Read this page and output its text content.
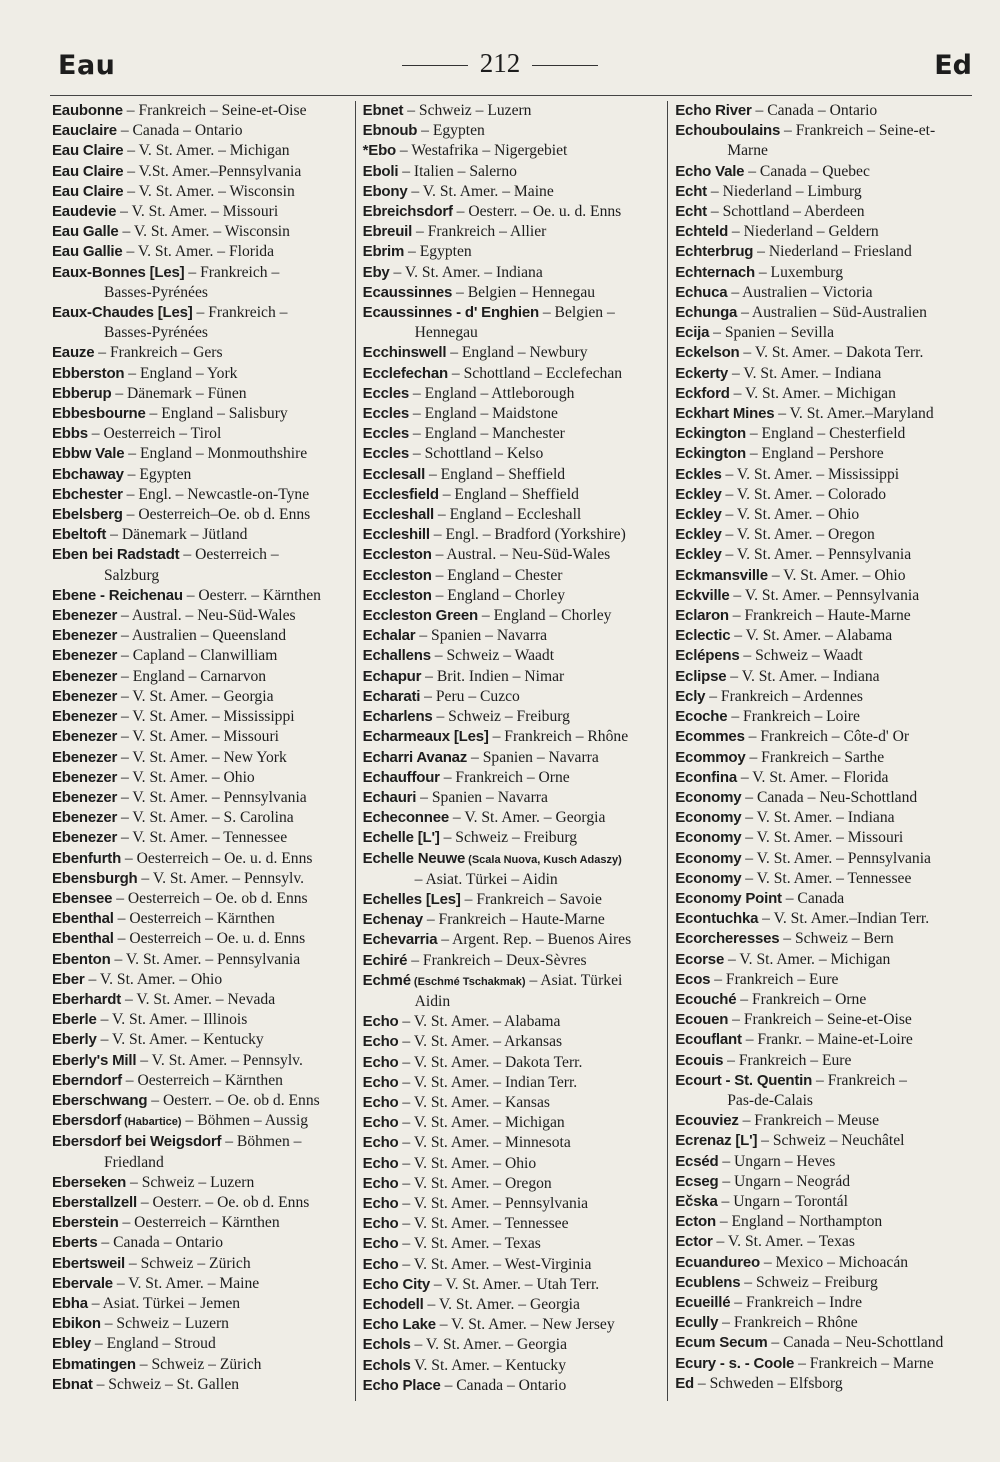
Eau	212	Ed
Eaubonne – Frankreich – Seine-et-Oise
Eauclaire – Canada – Ontario
Eau Claire – V. St. Amer. – Michigan
Eau Claire – V.St. Amer.–Pennsylvania
Eau Claire – V. St. Amer. – Wisconsin
Eaudevie – V. St. Amer. – Missouri
Eau Galle – V. St. Amer. – Wisconsin
Eau Gallie – V. St. Amer. – Florida
Eaux-Bonnes [Les] – Frankreich –
Basses-Pyrénées
Eaux-Chaudes [Les] – Frankreich –
Basses-Pyrénées
Eauze – Frankreich – Gers
Ebberston – England – York
Ebberup – Dänemark – Fünen
Ebbesbourne – England – Salisbury
Ebbs – Oesterreich – Tirol
Ebbw Vale – England – Monmouthshire
Ebchaway – Egypten
Ebchester – Engl. – Newcastle-on-Tyne
Ebelsberg – Oesterreich–Oe. ob d. Enns
Ebeltoft – Dänemark – Jütland
Eben bei Radstadt – Oesterreich –
Salzburg
Ebene - Reichenau – Oesterr. – Kärnthen
Ebenezer – Austral. – Neu-Süd-Wales
Ebenezer – Australien – Queensland
Ebenezer – Capland – Clanwilliam
Ebenezer – England – Carnarvon
Ebenezer – V. St. Amer. – Georgia
Ebenezer – V. St. Amer. – Mississippi
Ebenezer – V. St. Amer. – Missouri
Ebenezer – V. St. Amer. – New York
Ebenezer – V. St. Amer. – Ohio
Ebenezer – V. St. Amer. – Pennsylvania
Ebenezer – V. St. Amer. – S. Carolina
Ebenezer – V. St. Amer. – Tennessee
Ebenfurth – Oesterreich – Oe. u. d. Enns
Ebensburgh – V. St. Amer. – Pennsylv.
Ebensee – Oesterreich – Oe. ob d. Enns
Ebenthal – Oesterreich – Kärnthen
Ebenthal – Oesterreich – Oe. u. d. Enns
Ebenton – V. St. Amer. – Pennsylvania
Eber – V. St. Amer. – Ohio
Eberhardt – V. St. Amer. – Nevada
Eberle – V. St. Amer. – Illinois
Eberly – V. St. Amer. – Kentucky
Eberly's Mill – V. St. Amer. – Pennsylv.
Eberndorf – Oesterreich – Kärnthen
Eberschwang – Oesterr. – Oe. ob d. Enns
Ebersdorf (Habartice) – Böhmen – Aussig
Ebersdorf bei Weigsdorf – Böhmen –
Friedland
Eberseken – Schweiz – Luzern
Eberstallzell – Oesterr. – Oe. ob d. Enns
Eberstein – Oesterreich – Kärnthen
Eberts – Canada – Ontario
Ebertsweil – Schweiz – Zürich
Ebervale – V. St. Amer. – Maine
Ebha – Asiat. Türkei – Jemen
Ebikon – Schweiz – Luzern
Ebley – England – Stroud
Ebmatingen – Schweiz – Zürich
Ebnat – Schweiz – St. Gallen
Ebnet – Schweiz – Luzern
Ebnoub – Egypten
*Ebo – Westafrika – Nigergebiet
Eboli – Italien – Salerno
Ebony – V. St. Amer. – Maine
Ebreichsdorf – Oesterr. – Oe. u. d. Enns
Ebreuil – Frankreich – Allier
Ebrim – Egypten
Eby – V. St. Amer. – Indiana
Ecaussinnes – Belgien – Hennegau
Ecaussinnes - d' Enghien – Belgien –
Hennegau
Ecchinswell – England – Newbury
Ecclefechan – Schottland – Ecclefechan
Eccles – England – Attleborough
Eccles – England – Maidstone
Eccles – England – Manchester
Eccles – Schottland – Kelso
Ecclesall – England – Sheffield
Ecclesfield – England – Sheffield
Eccleshall – England – Eccleshall
Eccleshill – Engl. – Bradford (Yorkshire)
Eccleston – Austral. – Neu-Süd-Wales
Eccleston – England – Chester
Eccleston – England – Chorley
Eccleston Green – England – Chorley
Echalar – Spanien – Navarra
Echallens – Schweiz – Waadt
Echapur – Brit. Indien – Nimar
Echarati – Peru – Cuzco
Echarlens – Schweiz – Freiburg
Echarmeaux [Les] – Frankreich – Rhône
Echarri Avanaz – Spanien – Navarra
Echauffour – Frankreich – Orne
Echauri – Spanien – Navarra
Echeconnee – V. St. Amer. – Georgia
Echelle [L'] – Schweiz – Freiburg
Echelle Neuwe (Scala Nuova, Kusch Adaszy)
– Asiat. Türkei – Aidin
Echelles [Les] – Frankreich – Savoie
Echenay – Frankreich – Haute-Marne
Echevarria – Argent. Rep. – Buenos Aires
Echiré – Frankreich – Deux-Sèvres
Echmé (Eschmé Tschakmak) – Asiat. Türkei
Aidin
Echo – V. St. Amer. – Alabama
Echo – V. St. Amer. – Arkansas
Echo – V. St. Amer. – Dakota Terr.
Echo – V. St. Amer. – Indian Terr.
Echo – V. St. Amer. – Kansas
Echo – V. St. Amer. – Michigan
Echo – V. St. Amer. – Minnesota
Echo – V. St. Amer. – Ohio
Echo – V. St. Amer. – Oregon
Echo – V. St. Amer. – Pennsylvania
Echo – V. St. Amer. – Tennessee
Echo – V. St. Amer. – Texas
Echo – V. St. Amer. – West-Virginia
Echo City – V. St. Amer. – Utah Terr.
Echodell – V. St. Amer. – Georgia
Echo Lake – V. St. Amer. – New Jersey
Echols – V. St. Amer. – Georgia
Echols V. St. Amer. – Kentucky
Echo Place – Canada – Ontario
Echo River – Canada – Ontario
Echouboulains – Frankreich – Seine-et-
Marne
Echo Vale – Canada – Quebec
Echt – Niederland – Limburg
Echt – Schottland – Aberdeen
Echteld – Niederland – Geldern
Echterbrug – Niederland – Friesland
Echternach – Luxemburg
Echuca – Australien – Victoria
Echunga – Australien – Süd-Australien
Ecija – Spanien – Sevilla
Eckelson – V. St. Amer. – Dakota Terr.
Eckerty – V. St. Amer. – Indiana
Eckford – V. St. Amer. – Michigan
Eckhart Mines – V. St. Amer.–Maryland
Eckington – England – Chesterfield
Eckington – England – Pershore
Eckles – V. St. Amer. – Mississippi
Eckley – V. St. Amer. – Colorado
Eckley – V. St. Amer. – Ohio
Eckley – V. St. Amer. – Oregon
Eckley – V. St. Amer. – Pennsylvania
Eckmansville – V. St. Amer. – Ohio
Eckville – V. St. Amer. – Pennsylvania
Eclaron – Frankreich – Haute-Marne
Eclectic – V. St. Amer. – Alabama
Eclépens – Schweiz – Waadt
Eclipse – V. St. Amer. – Indiana
Ecly – Frankreich – Ardennes
Ecoche – Frankreich – Loire
Ecommes – Frankreich – Côte-d' Or
Ecommoy – Frankreich – Sarthe
Econfina – V. St. Amer. – Florida
Economy – Canada – Neu-Schottland
Economy – V. St. Amer. – Indiana
Economy – V. St. Amer. – Missouri
Economy – V. St. Amer. – Pennsylvania
Economy – V. St. Amer. – Tennessee
Economy Point – Canada
Econtuchka – V. St. Amer.–Indian Terr.
Ecorcheresses – Schweiz – Bern
Ecorse – V. St. Amer. – Michigan
Ecos – Frankreich – Eure
Ecouché – Frankreich – Orne
Ecouen – Frankreich – Seine-et-Oise
Ecouflant – Frankr. – Maine-et-Loire
Ecouis – Frankreich – Eure
Ecourt - St. Quentin – Frankreich –
Pas-de-Calais
Ecouviez – Frankreich – Meuse
Ecrenaz [L'] – Schweiz – Neuchâtel
Ecséd – Ungarn – Heves
Ecseg – Ungarn – Neográd
Ečska – Ungarn – Torontál
Ecton – England – Northampton
Ector – V. St. Amer. – Texas
Ecuandureo – Mexico – Michoacán
Ecublens – Schweiz – Freiburg
Ecueillé – Frankreich – Indre
Ecully – Frankreich – Rhône
Ecum Secum – Canada – Neu-Schottland
Ecury - s. - Coole – Frankreich – Marne
Ed – Schweden – Elfsborg
